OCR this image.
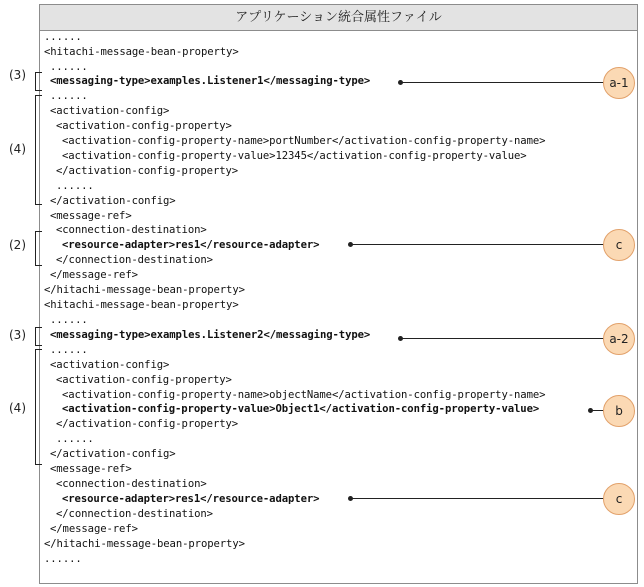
アプリケーション統合属性ファイル
......
<hitachi-message-bean-property>
......
<messaging-type>examples.Listener1</messaging-type>
......
<activation-config>
<activation-config-property>
<activation-config-property-name>portNumber</activation-config-property-name>
<activation-config-property-value>12345</activation-config-property-value>
</activation-config-property>
......
</activation-config>
<message-ref>
<connection-destination>
<resource-adapter>res1</resource-adapter>
</connection-destination>
</message-ref>
</hitachi-message-bean-property>
<hitachi-message-bean-property>
......
<messaging-type>examples.Listener2</messaging-type>
......
<activation-config>
<activation-config-property>
<activation-config-property-name>objectName</activation-config-property-name>
<activation-config-property-value>Object1</activation-config-property-value>
</activation-config-property>
......
</activation-config>
<message-ref>
<connection-destination>
<resource-adapter>res1</resource-adapter>
</connection-destination>
</message-ref>
</hitachi-message-bean-property>
......
(3)
(4)
(2)
(3)
(4)
a-1
c
a-2
b
c
